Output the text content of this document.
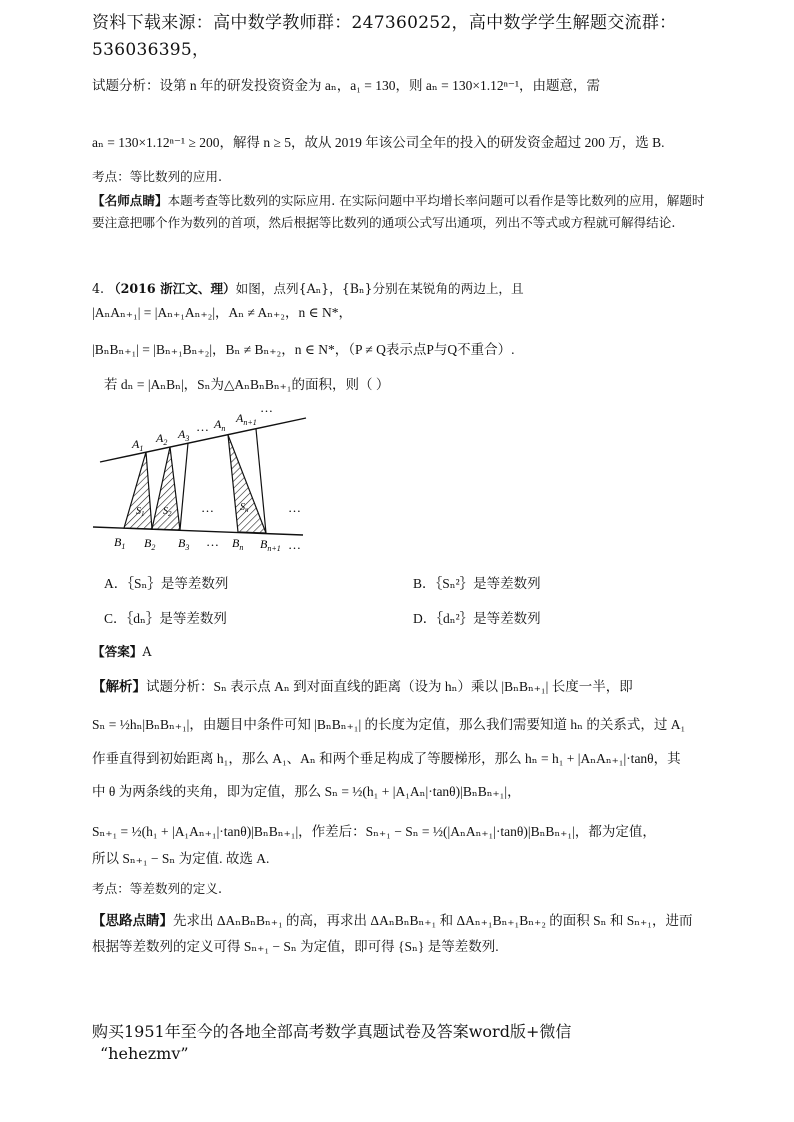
资料下载来源：高中数学教师群：247360252，高中数学学生解题交流群：
536036395，
试题分析：设第 n 年的研发投资资金为 aₙ，a₁ = 130，则 aₙ = 130×1.12ⁿ⁻¹，由题意，需
aₙ = 130×1.12ⁿ⁻¹ ≥ 200，解得 n ≥ 5，故从 2019 年该公司全年的投入的研发资金超过 200 万，选 B.
考点：等比数列的应用.
【名师点睛】本题考查等比数列的实际应用. 在实际问题中平均增长率问题可以看作是等比数列的应用，解题时要注意把哪个作为数列的首项，然后根据等比数列的通项公式写出通项，列出不等式或方程就可解得结论.
4. （2016 浙江文、理）如图，点列{Aₙ}，{Bₙ}分别在某锐角的两边上，且
|AₙAₙ₊₁| = |Aₙ₊₁Aₙ₊₂|，Aₙ ≠ Aₙ₊₂，n ∈ N*，
|BₙBₙ₊₁| = |Bₙ₊₁Bₙ₊₂|，Bₙ ≠ Bₙ₊₂，n ∈ N*，（P ≠ Q表示点P与Q不重合）.
若 dₙ = |AₙBₙ|，Sₙ为△AₙBₙBₙ₊₁的面积，则（ ）
$A_1$
$A_2$
$A_3$
… $A_n$
$A_{n+1}$
…
$S_1$ $S_2$
$S_n$
…	…
$B_1$ $B_2$ $B_3$ … $B_n$ $B_{n+1}$ …
A．｛Sₙ｝是等差数列	B．｛Sₙ²｝是等差数列
C．｛dₙ｝是等差数列	D．｛dₙ²｝是等差数列
【答案】A
【解析】试题分析：Sₙ 表示点 Aₙ 到对面直线的距离（设为 hₙ）乘以 |BₙBₙ₊₁| 长度一半，即
Sₙ = ½hₙ|BₙBₙ₊₁|，由题目中条件可知 |BₙBₙ₊₁| 的长度为定值，那么我们需要知道 hₙ 的关系式，过 A₁
作垂直得到初始距离 h₁，那么 A₁、Aₙ 和两个垂足构成了等腰梯形，那么 hₙ = h₁ + |AₙAₙ₊₁|·tanθ，其
中 θ 为两条线的夹角，即为定值，那么 Sₙ = ½(h₁ + |A₁Aₙ|·tanθ)|BₙBₙ₊₁|，
Sₙ₊₁ = ½(h₁ + |A₁Aₙ₊₁|·tanθ)|BₙBₙ₊₁|，作差后：Sₙ₊₁ − Sₙ = ½(|AₙAₙ₊₁|·tanθ)|BₙBₙ₊₁|，都为定值，
所以 Sₙ₊₁ − Sₙ 为定值. 故选 A.
考点：等差数列的定义.
【思路点睛】先求出 ΔAₙBₙBₙ₊₁ 的高，再求出 ΔAₙBₙBₙ₊₁ 和 ΔAₙ₊₁Bₙ₊₁Bₙ₊₂ 的面积 Sₙ 和 Sₙ₊₁，进而
根据等差数列的定义可得 Sₙ₊₁ − Sₙ 为定值，即可得 {Sₙ} 是等差数列.
购买1951年至今的各地全部高考数学真题试卷及答案word版+微信
“hehezmv”
